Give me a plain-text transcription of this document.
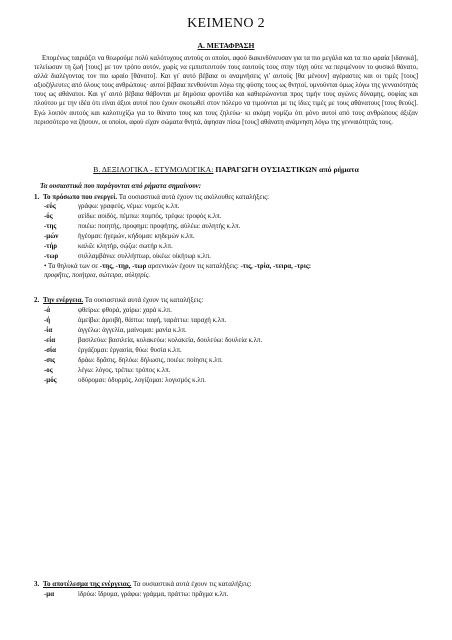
ΚΕΙΜΕΝΟ 2
Α. ΜΕΤΑΦΡΑΣΗ

Επομένως ταιριάζει να θεωρούμε πολύ καλότυχους αυτούς οι οποίοι, αφού διακινδύνευσαν για τα πιο μεγάλα και τα πιο ωραία [ιδανικά], τελείωσαν τη ζωή [τους] με τον τρόπο αυτόν, χωρίς να εμπιστευτούν τους εαυτούς τους στην τύχη ούτε να περιμένουν το φυσικό θάνατο, αλλά διαλέγοντας τον πιο ωραίο [θάνατο]. Και γι' αυτό βέβαια οι αναμνήσεις γι' αυτούς [θα μένουν] αγέραστες και οι τιμές [τους] αξιοζήλευτες από όλους τους ανθρώπους· αυτοί βέβαια πενθούνται λόγω της φύσης τους ως θνητοί, υμνούνται όμως λόγω της γενναιότητάς τους ως αθάνατοι. Και γι' αυτό βέβαια θάβονται με δημόσια φροντίδα και καθιερώνονται προς τιμήν τους αγώνες δύναμης, σοφίας και πλούτου με την ιδέα ότι είναι άξιοι αυτοί που έχουν σκοτωθεί στον πόλεμο να τιμούνται με τις ίδιες τιμές με τους αθάνατους [τους θεούς]. Εγώ λοιπόν αυτούς και καλοτυχίζω για το θάνατο τους και τους ζηλεύω· κι ακόμη νομίζω ότι μόνο αυτοί από τους ανθρώπους άξιζαν περισσότερο να ζήσουν, οι οποίοι, αφού είχαν σώματα θνητά, άφησαν πίσω [τους] αθάνατη ανάμνηση λόγω της γενναιότητάς τους.

Β. ΔΕΞΙΛΟΓΙΚΑ - ΕΤΥΜΟΛΟΓΙΚΑ: ΠΑΡΑΓΩΓΗ ΟΥΣΙΑΣΤΙΚΩΝ από ρήματα
Τα ουσιαστικά που παράγονται από ρήματα σημαίνουν:
1. Το πρόσωπο που ενεργεί. Τα ουσιαστικά αυτά έχουν τις ακόλουθες καταλήξεις:
-εύς	γράφω: γραφεύς, νέμω: νομεύς κ.λπ.
-ός	αείδω: αοιδός, πέμπω: πομπός, τρέφω: τροφός κ.λπ.
-της	ποιέω: ποιητής, προφημι: προφήτης, αὐλέω: αυλητής κ.λπ.
-μών	ἡγέομαι: ἡγεμών, κήδομαι: κηδεμών κ.λπ.
-τήρ	καλῶ: κλητήρ, σῴζω: σωτήρ κ.λπ.
-τωρ	συλλαμβάνω: συλλήπτωρ, οἰκέω: οἰκήτωρ κ.λπ.
• Τα θηλυκά των σε -της, -τηρ, -τωρ αρσενικών έχουν τις καταλήξεις: -τις, -τρία, -τειρα, -τρις:
προφῆτις, ποιήτρια, σώτειρα, αὐλητρίς.
2. Την ενέργεια. Τα ουσιαστικά αυτά έχουν τις καταλήξεις:
-ά	φθείρω: φθορά, χαίρω: χαρά κ.λπ.
-ή	ἀμείβω: ἀμοιβή, θάπτω: ταφή, ταράττω: ταραχή κ.λπ.
-ία	ἀγγέλω: ἀγγελία, μαίνομαι: μανία κ.λπ.
-εία	βασιλεύω: βασιλεία, κολακεύω: κολακεία, δουλεύω: δουλεία κ.λπ.
-σία	ἐργάζομαι: ἐργασία, θύω: θυσία κ.λπ.
-σις	δράω: δρᾶσις, δηλόω: δήλωσις, ποιέω: ποίησις κ.λπ.
-ος	λέγω: λόγος, τρέπω: τρόπος κ.λπ.
-μός	οδύρομαι: ὀδυρμός, λογίζομαι: λογισμός κ.λπ.
3. Το αποτέλεσμα της ενέργειας. Τα ουσιαστικά αυτά έχουν τις καταλήξεις:
-μα	ἱδρύω: ἵδρυμα, γράφω: γράμμα, πράττω: πρᾶγμα κ.λπ.
